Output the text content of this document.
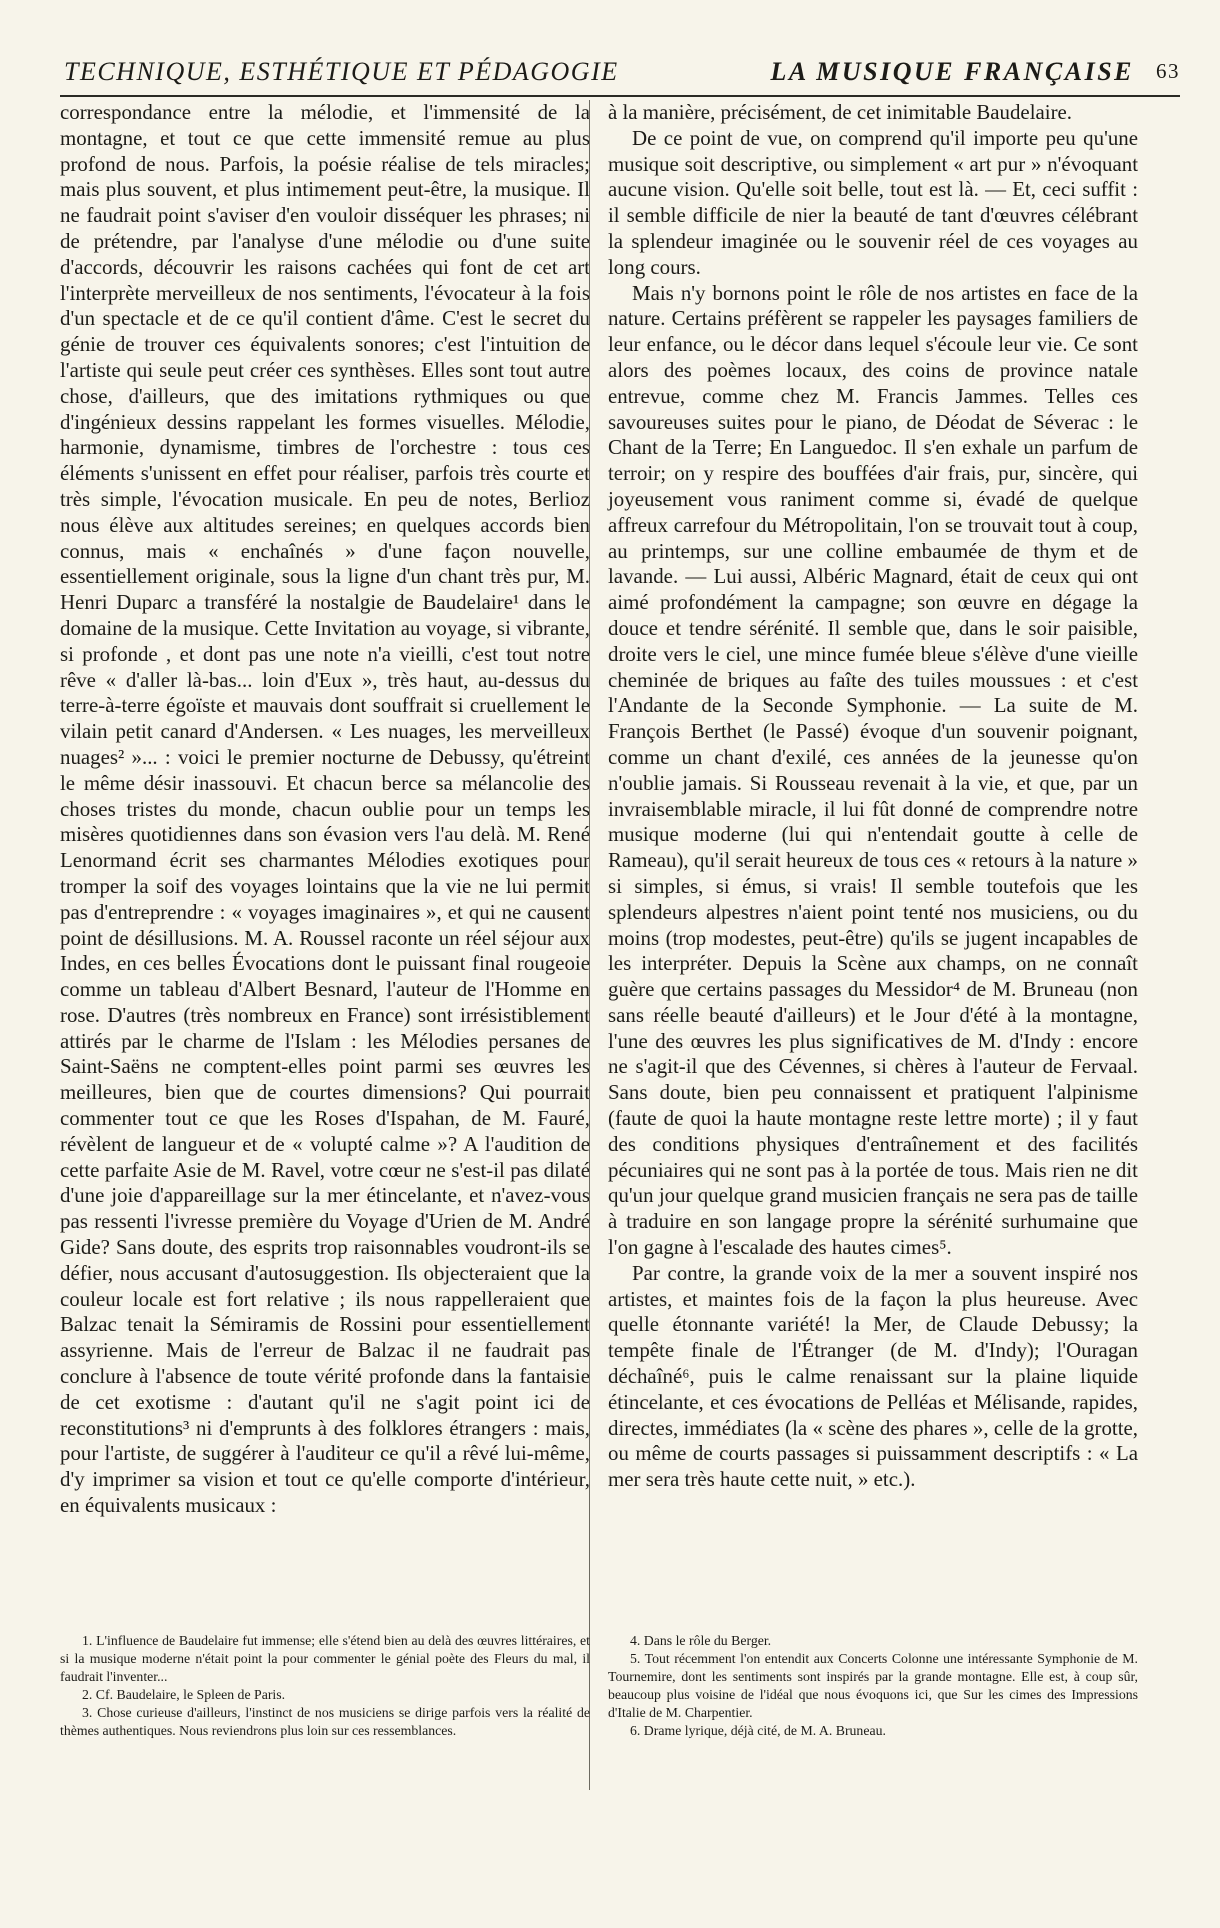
TECHNIQUE, ESTHÉTIQUE ET PÉDAGOGIE	LA MUSIQUE FRANÇAISE 63

correspondance entre la mélodie, et l'immensité de la montagne, et tout ce que cette immensité remue au plus profond de nous. Parfois, la poésie réalise de tels miracles; mais plus souvent, et plus intimement peut-être, la musique. Il ne faudrait point s'aviser d'en vouloir disséquer les phrases; ni de prétendre, par l'analyse d'une mélodie ou d'une suite d'accords, découvrir les raisons cachées qui font de cet art l'interprète merveilleux de nos sentiments, l'évocateur à la fois d'un spectacle et de ce qu'il contient d'âme. C'est le secret du génie de trouver ces équivalents sonores; c'est l'intuition de l'artiste qui seule peut créer ces synthèses. Elles sont tout autre chose, d'ailleurs, que des imitations rythmiques ou que d'ingénieux dessins rappelant les formes visuelles. Mélodie, harmonie, dynamisme, timbres de l'orchestre : tous ces éléments s'unissent en effet pour réaliser, parfois très courte et très simple, l'évocation musicale. En peu de notes, Berlioz nous élève aux altitudes sereines; en quelques accords bien connus, mais « enchaînés » d'une façon nouvelle, essentiellement originale, sous la ligne d'un chant très pur, M. Henri Duparc a transféré la nostalgie de Baudelaire¹ dans le domaine de la musique. Cette Invitation au voyage, si vibrante, si profonde , et dont pas une note n'a vieilli, c'est tout notre rêve « d'aller là-bas... loin d'Eux », très haut, au-dessus du terre-à-terre égoïste et mauvais dont souffrait si cruellement le vilain petit canard d'Andersen. « Les nuages, les merveilleux nuages² »... : voici le premier nocturne de Debussy, qu'étreint le même désir inassouvi. Et chacun berce sa mélancolie des choses tristes du monde, chacun oublie pour un temps les misères quotidiennes dans son évasion vers l'au delà. M. René Lenormand écrit ses charmantes Mélodies exotiques pour tromper la soif des voyages lointains que la vie ne lui permit pas d'entreprendre : « voyages imaginaires », et qui ne causent point de désillusions. M. A. Roussel raconte un réel séjour aux Indes, en ces belles Évocations dont le puissant final rougeoie comme un tableau d'Albert Besnard, l'auteur de l'Homme en rose. D'autres (très nombreux en France) sont irrésistiblement attirés par le charme de l'Islam : les Mélodies persanes de Saint-Saëns ne comptent-elles point parmi ses œuvres les meilleures, bien que de courtes dimensions? Qui pourrait commenter tout ce que les Roses d'Ispahan, de M. Fauré, révèlent de langueur et de « volupté calme »? A l'audition de cette parfaite Asie de M. Ravel, votre cœur ne s'est-il pas dilaté d'une joie d'appareillage sur la mer étincelante, et n'avez-vous pas ressenti l'ivresse première du Voyage d'Urien de M. André Gide? Sans doute, des esprits trop raisonnables voudront-ils se défier, nous accusant d'autosuggestion. Ils objecteraient que la couleur locale est fort relative ; ils nous rappelleraient que Balzac tenait la Sémiramis de Rossini pour essentiellement assyrienne. Mais de l'erreur de Balzac il ne faudrait pas conclure à l'absence de toute vérité profonde dans la fantaisie de cet exotisme : d'autant qu'il ne s'agit point ici de reconstitutions³ ni d'emprunts à des folklores étrangers : mais, pour l'artiste, de suggérer à l'auditeur ce qu'il a rêvé lui-même, d'y imprimer sa vision et tout ce qu'elle comporte d'intérieur, en équivalents musicaux :

à la manière, précisément, de cet inimitable Baudelaire.

De ce point de vue, on comprend qu'il importe peu qu'une musique soit descriptive, ou simplement « art pur » n'évoquant aucune vision. Qu'elle soit belle, tout est là. — Et, ceci suffit : il semble difficile de nier la beauté de tant d'œuvres célébrant la splendeur imaginée ou le souvenir réel de ces voyages au long cours.

Mais n'y bornons point le rôle de nos artistes en face de la nature. Certains préfèrent se rappeler les paysages familiers de leur enfance, ou le décor dans lequel s'écoule leur vie. Ce sont alors des poèmes locaux, des coins de province natale entrevue, comme chez M. Francis Jammes. Telles ces savoureuses suites pour le piano, de Déodat de Séverac : le Chant de la Terre; En Languedoc. Il s'en exhale un parfum de terroir; on y respire des bouffées d'air frais, pur, sincère, qui joyeusement vous raniment comme si, évadé de quelque affreux carrefour du Métropolitain, l'on se trouvait tout à coup, au printemps, sur une colline embaumée de thym et de lavande. — Lui aussi, Albéric Magnard, était de ceux qui ont aimé profondément la campagne; son œuvre en dégage la douce et tendre sérénité. Il semble que, dans le soir paisible, droite vers le ciel, une mince fumée bleue s'élève d'une vieille cheminée de briques au faîte des tuiles moussues : et c'est l'Andante de la Seconde Symphonie. — La suite de M. François Berthet (le Passé) évoque d'un souvenir poignant, comme un chant d'exilé, ces années de la jeunesse qu'on n'oublie jamais. Si Rousseau revenait à la vie, et que, par un invraisemblable miracle, il lui fût donné de comprendre notre musique moderne (lui qui n'entendait goutte à celle de Rameau), qu'il serait heureux de tous ces « retours à la nature » si simples, si émus, si vrais! Il semble toutefois que les splendeurs alpestres n'aient point tenté nos musiciens, ou du moins (trop modestes, peut-être) qu'ils se jugent incapables de les interpréter. Depuis la Scène aux champs, on ne connaît guère que certains passages du Messidor⁴ de M. Bruneau (non sans réelle beauté d'ailleurs) et le Jour d'été à la montagne, l'une des œuvres les plus significatives de M. d'Indy : encore ne s'agit-il que des Cévennes, si chères à l'auteur de Fervaal. Sans doute, bien peu connaissent et pratiquent l'alpinisme (faute de quoi la haute montagne reste lettre morte) ; il y faut des conditions physiques d'entraînement et des facilités pécuniaires qui ne sont pas à la portée de tous. Mais rien ne dit qu'un jour quelque grand musicien français ne sera pas de taille à traduire en son langage propre la sérénité surhumaine que l'on gagne à l'escalade des hautes cimes⁵.

Par contre, la grande voix de la mer a souvent inspiré nos artistes, et maintes fois de la façon la plus heureuse. Avec quelle étonnante variété! la Mer, de Claude Debussy; la tempête finale de l'Étranger (de M. d'Indy); l'Ouragan déchaîné⁶, puis le calme renaissant sur la plaine liquide étincelante, et ces évocations de Pelléas et Mélisande, rapides, directes, immédiates (la « scène des phares », celle de la grotte, ou même de courts passages si puissamment descriptifs : « La mer sera très haute cette nuit, » etc.).

1. L'influence de Baudelaire fut immense; elle s'étend bien au delà des œuvres littéraires, et si la musique moderne n'était point la pour commenter le génial poète des Fleurs du mal, il faudrait l'inventer...

2. Cf. Baudelaire, le Spleen de Paris.

3. Chose curieuse d'ailleurs, l'instinct de nos musiciens se dirige parfois vers la réalité de thèmes authentiques. Nous reviendrons plus loin sur ces ressemblances.

4. Dans le rôle du Berger.

5. Tout récemment l'on entendit aux Concerts Colonne une intéressante Symphonie de M. Tournemire, dont les sentiments sont inspirés par la grande montagne. Elle est, à coup sûr, beaucoup plus voisine de l'idéal que nous évoquons ici, que Sur les cimes des Impressions d'Italie de M. Charpentier.

6. Drame lyrique, déjà cité, de M. A. Bruneau.
